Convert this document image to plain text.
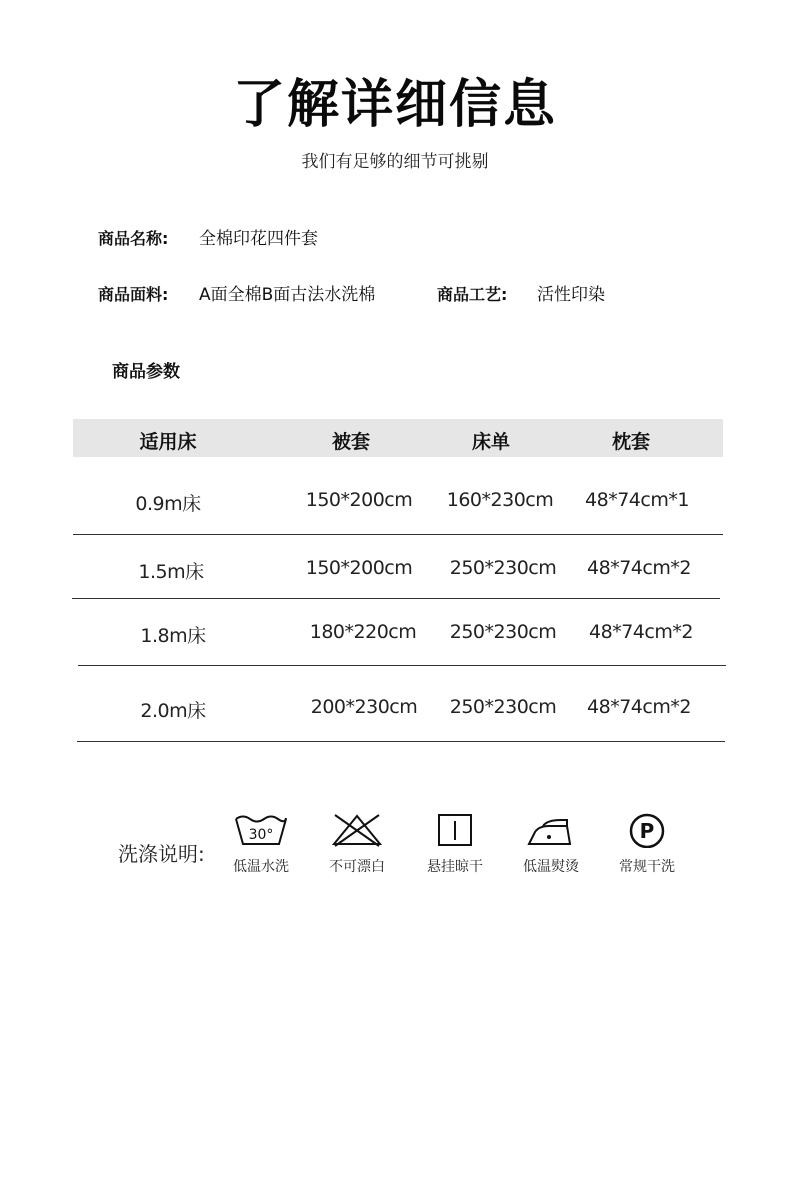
了解详细信息
我们有足够的细节可挑剔
商品名称: 全棉印花四件套
商品面料: A面全棉B面古法水洗棉	商品工艺: 活性印染
商品参数
适用床	被套	床单	枕套
0.9m床	150*200cm 160*230cm 48*74cm*1
1.5m床	150*200cm 250*230cm 48*74cm*2
1.8m床	180*220cm 250*230cm 48*74cm*2
2.0m床	200*230cm 250*230cm 48*74cm*2
洗涤说明:
30°
低温水洗	不可漂白	悬挂晾干	低温熨烫
P
常规干洗
